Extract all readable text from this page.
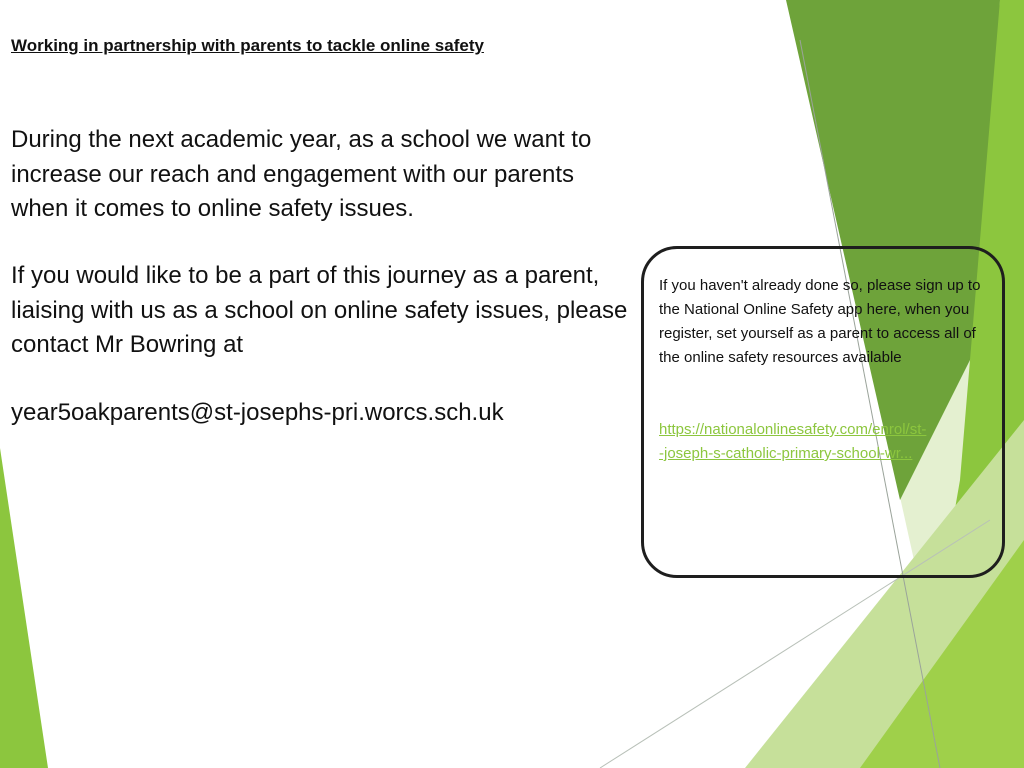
Working in partnership with parents to tackle online safety

During the next academic year, as a school we want to increase our reach and engagement with our parents when it comes to online safety issues.

If you would like to be a part of this journey as a parent, liaising with us as a school on online safety issues, please contact Mr Bowring at

year5oakparents@st-josephs-pri.worcs.sch.uk

If you haven't already done so, please sign up to the National Online Safety app here, when you register, set yourself as a parent to access all of the online safety resources available

https://nationalonlinesafety.com/enrol/st-
-joseph-s-catholic-primary-school-wr...
